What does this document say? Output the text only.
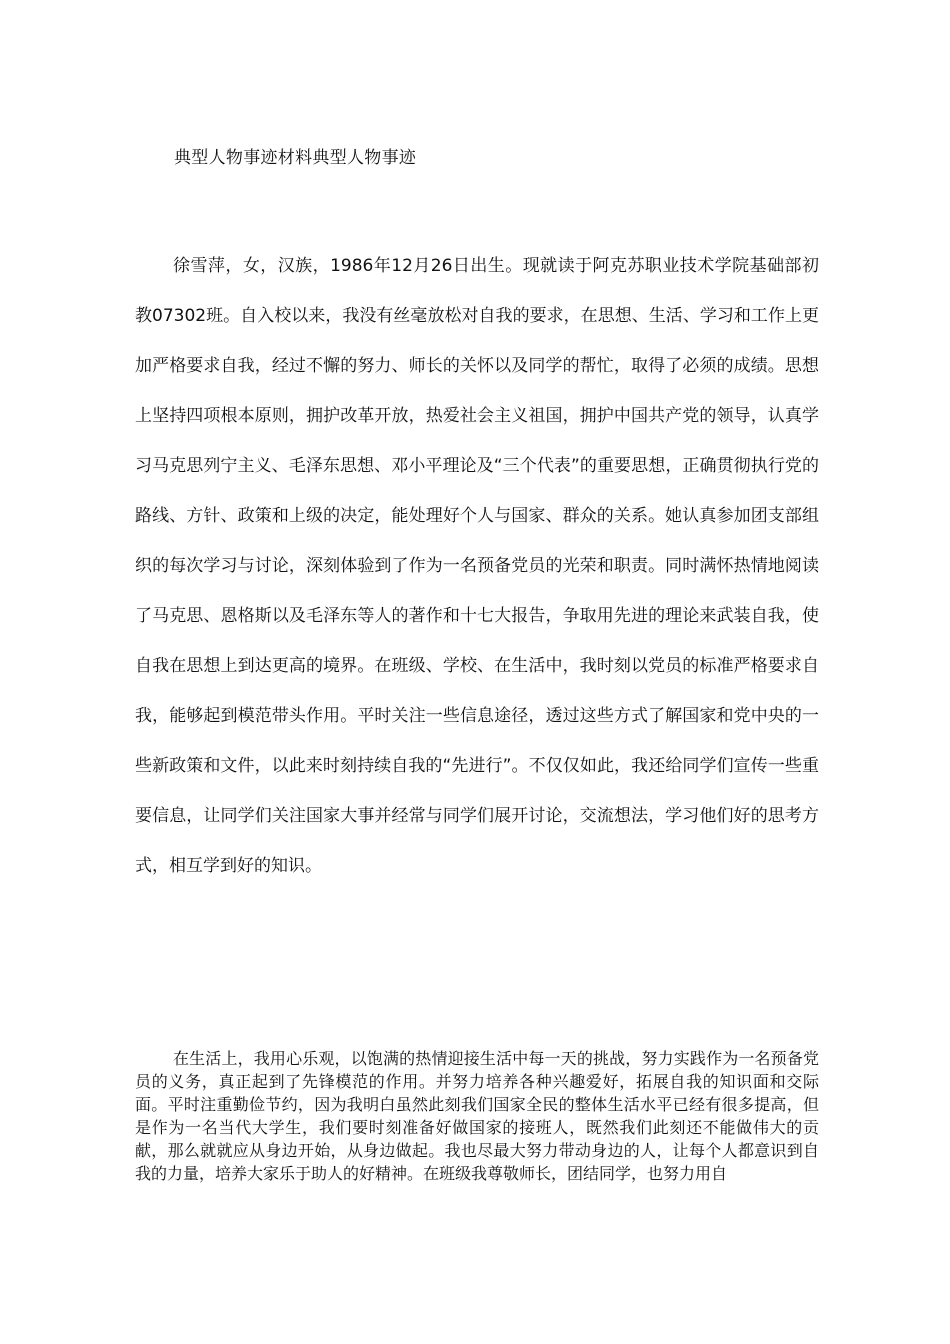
典型人物事迹材料典型人物事迹

徐雪萍，女，汉族，1986年12月26日出生。现就读于阿克苏职业技术学院基础部初教07302班。自入校以来，我没有丝毫放松对自我的要求，在思想、生活、学习和工作上更加严格要求自我，经过不懈的努力、师长的关怀以及同学的帮忙，取得了必须的成绩。思想上坚持四项根本原则，拥护改革开放，热爱社会主义祖国，拥护中国共产党的领导，认真学习马克思列宁主义、毛泽东思想、邓小平理论及“三个代表”的重要思想，正确贯彻执行党的路线、方针、政策和上级的决定，能处理好个人与国家、群众的关系。她认真参加团支部组织的每次学习与讨论，深刻体验到了作为一名预备党员的光荣和职责。同时满怀热情地阅读了马克思、恩格斯以及毛泽东等人的著作和十七大报告，争取用先进的理论来武装自我，使自我在思想上到达更高的境界。在班级、学校、在生活中，我时刻以党员的标准严格要求自我，能够起到模范带头作用。平时关注一些信息途径，透过这些方式了解国家和党中央的一些新政策和文件，以此来时刻持续自我的“先进行”。不仅仅如此，我还给同学们宣传一些重要信息，让同学们关注国家大事并经常与同学们展开讨论，交流想法，学习他们好的思考方式，相互学到好的知识。

在生活上，我用心乐观，以饱满的热情迎接生活中每一天的挑战，努力实践作为一名预备党员的义务，真正起到了先锋模范的作用。并努力培养各种兴趣爱好，拓展自我的知识面和交际面。平时注重勤俭节约，因为我明白虽然此刻我们国家全民的整体生活水平已经有很多提高，但是作为一名当代大学生，我们要时刻准备好做国家的接班人，既然我们此刻还不能做伟大的贡献，那么就就应从身边开始，从身边做起。我也尽最大努力带动身边的人，让每个人都意识到自我的力量，培养大家乐于助人的好精神。在班级我尊敬师长，团结同学，也努力用自
